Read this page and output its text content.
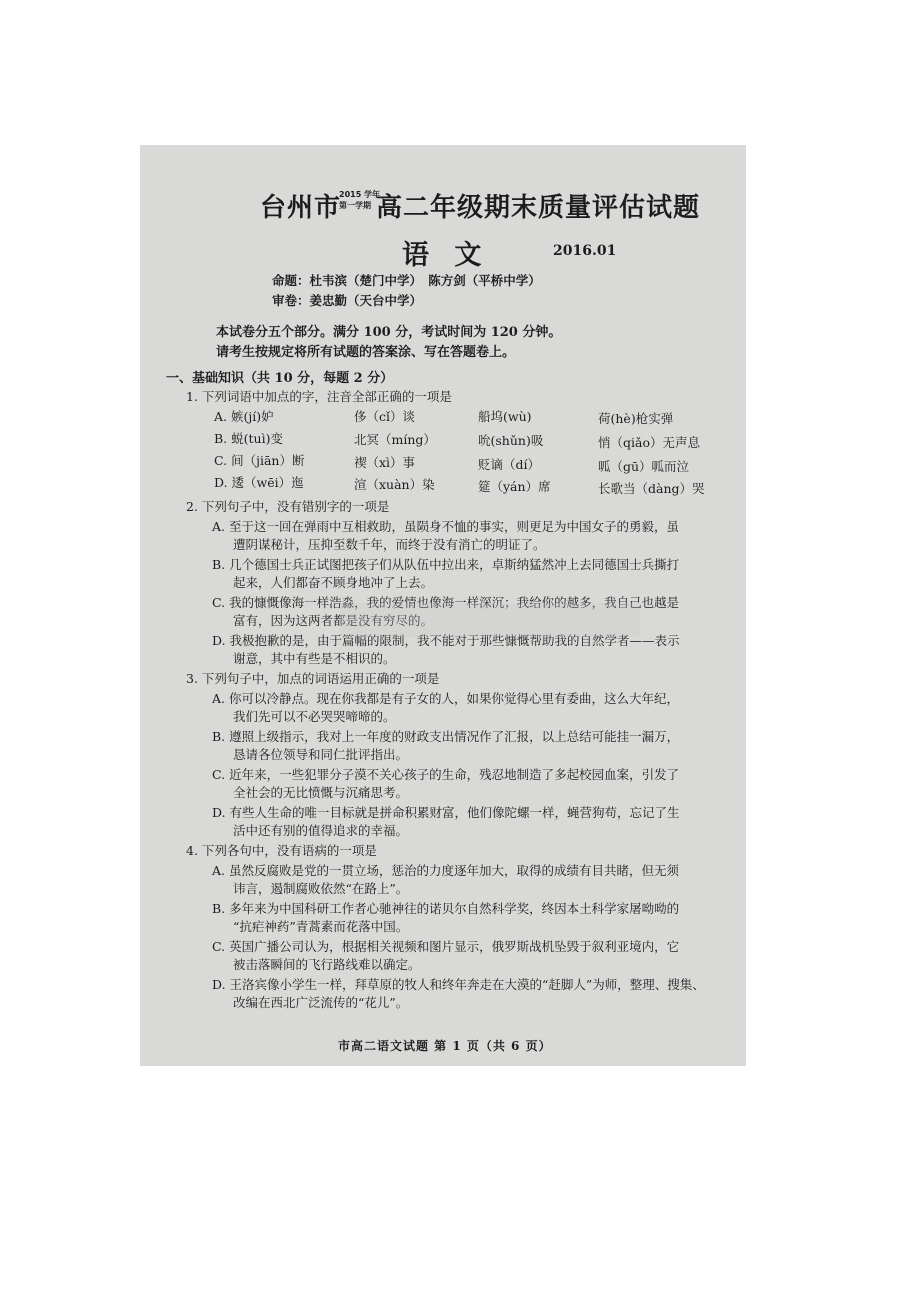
台州市
2015 学年
第一学期 高二年级期末质量评估试题
语 文	2016.01
命题：杜韦滨（楚门中学）　陈方剑（平桥中学）
审卷：姜忠勤（天台中学）
本试卷分五个部分。满分 100 分，考试时间为 120 分钟。
请考生按规定将所有试题的答案涂、写在答题卷上。
一、基础知识（共 10 分，每题 2 分）
1. 下列词语中加点的字，注音全部正确的一项是
A. 嫉(jí)妒	侈（cǐ）谈	船坞(wù)	荷(hè)枪实弹
B. 蜕(tuì)变	北冥（míng）	吮(shǔn)吸	悄（qiǎo）无声息
C. 间（jiān）断	禊（xì）事	贬谪（dí）	呱（gū）呱而泣
D. 逶（wēi）迤	渲（xuàn）染	筵（yán）席	长歌当（dàng）哭
2. 下列句子中，没有错别字的一项是
A. 至于这一回在弹雨中互相救助，虽陨身不恤的事实，则更足为中国女子的勇毅，虽
遭阴谋秘计，压抑至数千年，而终于没有消亡的明证了。
B. 几个德国士兵正试图把孩子们从队伍中拉出来，卓斯纳猛然冲上去同德国士兵撕打
起来，人们都奋不顾身地冲了上去。
C. 我的慷慨像海一样浩淼，我的爱情也像海一样深沉；我给你的越多，我自己也越是
富有，因为这两者都是没有穷尽的。
D. 我极抱歉的是，由于篇幅的限制，我不能对于那些慷慨帮助我的自然学者——表示
谢意，其中有些是不相识的。
3. 下列句子中，加点的词语运用正确的一项是
A. 你可以冷静点。现在你我都是有子女的人，如果你觉得心里有委曲，这么大年纪，
我们先可以不必哭哭啼啼的。
B. 遵照上级指示，我对上一年度的财政支出情况作了汇报，以上总结可能挂一漏万，
恳请各位领导和同仁批评指出。
C. 近年来，一些犯罪分子漠不关心孩子的生命，残忍地制造了多起校园血案，引发了
全社会的无比愤慨与沉痛思考。
D. 有些人生命的唯一目标就是拼命积累财富，他们像陀螺一样，蝇营狗苟，忘记了生
活中还有别的值得追求的幸福。
4. 下列各句中，没有语病的一项是
A. 虽然反腐败是党的一贯立场，惩治的力度逐年加大，取得的成绩有目共睹，但无须
讳言，遏制腐败依然“在路上”。
B. 多年来为中国科研工作者心驰神往的诺贝尔自然科学奖，终因本土科学家屠呦呦的
“抗疟神药”青蒿素而花落中国。
C. 英国广播公司认为，根据相关视频和图片显示，俄罗斯战机坠毁于叙利亚境内，它
被击落瞬间的飞行路线难以确定。
D. 王洛宾像小学生一样，拜草原的牧人和终年奔走在大漠的“赶脚人”为师，整理、搜集、
改编在西北广泛流传的“花儿”。
市高二语文试题 第 1 页（共 6 页）
